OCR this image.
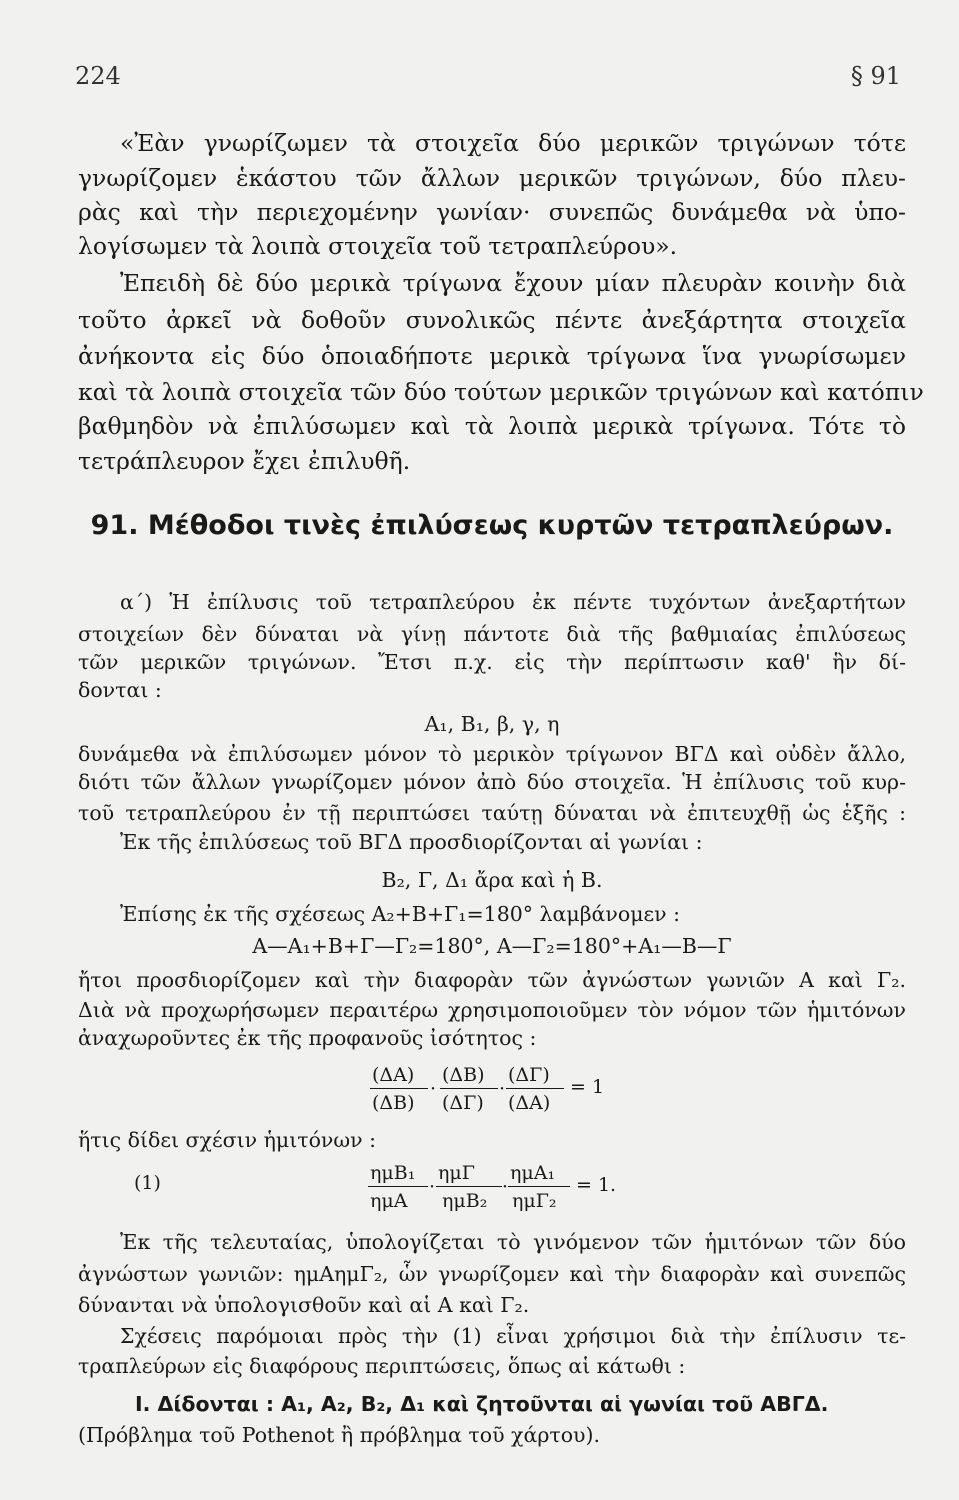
224	§ 91
«Ἐὰν γνωρίζωμεν τὰ στοιχεῖα δύο μερικῶν τριγώνων τότε
γνωρίζομεν ἑκάστου τῶν ἄλλων μερικῶν τριγώνων, δύο πλευ-
ρὰς καὶ τὴν περιεχομένην γωνίαν· συνεπῶς δυνάμεθα νὰ ὑπο-
λογίσωμεν τὰ λοιπὰ στοιχεῖα τοῦ τετραπλεύρου».
Ἐπειδὴ δὲ δύο μερικὰ τρίγωνα ἔχουν μίαν πλευρὰν κοινὴν διὰ
τοῦτο ἀρκεῖ νὰ δοθοῦν συνολικῶς πέντε ἀνεξάρτητα στοιχεῖα
ἀνήκοντα εἰς δύο ὁποιαδήποτε μερικὰ τρίγωνα ἵνα γνωρίσωμεν
καὶ τὰ λοιπὰ στοιχεῖα τῶν δύο τούτων μερικῶν τριγώνων καὶ κατόπιν
βαθμηδὸν νὰ ἐπιλύσωμεν καὶ τὰ λοιπὰ μερικὰ τρίγωνα. Τότε τὸ
τετράπλευρον ἔχει ἐπιλυθῆ.
91. Μέθοδοι τινὲς ἐπιλύσεως κυρτῶν τετραπλεύρων.
α΄) Ἡ ἐπίλυσις τοῦ τετραπλεύρου ἐκ πέντε τυχόντων ἀνεξαρτήτων
στοιχείων δὲν δύναται νὰ γίνῃ πάντοτε διὰ τῆς βαθμιαίας ἐπιλύσεως
τῶν μερικῶν τριγώνων. Ἔτσι π.χ. εἰς τὴν περίπτωσιν καθ' ἣν δί-
δονται :
A₁, B₁, β, γ, η
δυνάμεθα νὰ ἐπιλύσωμεν μόνον τὸ μερικὸν τρίγωνον ΒΓΔ καὶ οὐδὲν ἄλλο,
διότι τῶν ἄλλων γνωρίζομεν μόνον ἀπὸ δύο στοιχεῖα. Ἡ ἐπίλυσις τοῦ κυρ-
τοῦ τετραπλεύρου ἐν τῇ περιπτώσει ταύτῃ δύναται νὰ ἐπιτευχθῇ ὡς ἑξῆς :
Ἐκ τῆς ἐπιλύσεως τοῦ ΒΓΔ προσδιορίζονται αἱ γωνίαι :
B₂, Γ, Δ₁ ἄρα καὶ ἡ B.
Ἐπίσης ἐκ τῆς σχέσεως A₂+B+Γ₁=180° λαμβάνομεν :
A—A₁+B+Γ—Γ₂=180°, A—Γ₂=180°+A₁—B—Γ
ἤτοι προσδιορίζομεν καὶ τὴν διαφορὰν τῶν ἀγνώστων γωνιῶν A καὶ Γ₂.
Διὰ νὰ προχωρήσωμεν περαιτέρω χρησιμοποιοῦμεν τὸν νόμον τῶν ἡμιτόνων
ἀναχωροῦντες ἐκ τῆς προφανοῦς ἰσότητος :
(ΔA) (ΔB) (ΔΓ)
·	·
(ΔB) (ΔΓ) (ΔA)
= 1
ἥτις δίδει σχέσιν ἡμιτόνων :
(1)	ημB₁ ημΓ ημA₁
·	·
ημA ημB₂ ημΓ₂
= 1.
Ἐκ τῆς τελευταίας, ὑπολογίζεται τὸ γινόμενον τῶν ἡμιτόνων τῶν δύο
ἀγνώστων γωνιῶν: ημAημΓ₂, ὧν γνωρίζομεν καὶ τὴν διαφορὰν καὶ συνεπῶς
δύνανται νὰ ὑπολογισθοῦν καὶ αἱ A καὶ Γ₂.
Σχέσεις παρόμοιαι πρὸς τὴν (1) εἶναι χρήσιμοι διὰ τὴν ἐπίλυσιν τε-
τραπλεύρων εἰς διαφόρους περιπτώσεις, ὅπως αἱ κάτωθι :
I. Δίδονται : A₁, A₂, B₂, Δ₁ καὶ ζητοῦνται αἱ γωνίαι τοῦ ABΓΔ.
(Πρόβλημα τοῦ Pothenot ἢ πρόβλημα τοῦ χάρτου).
